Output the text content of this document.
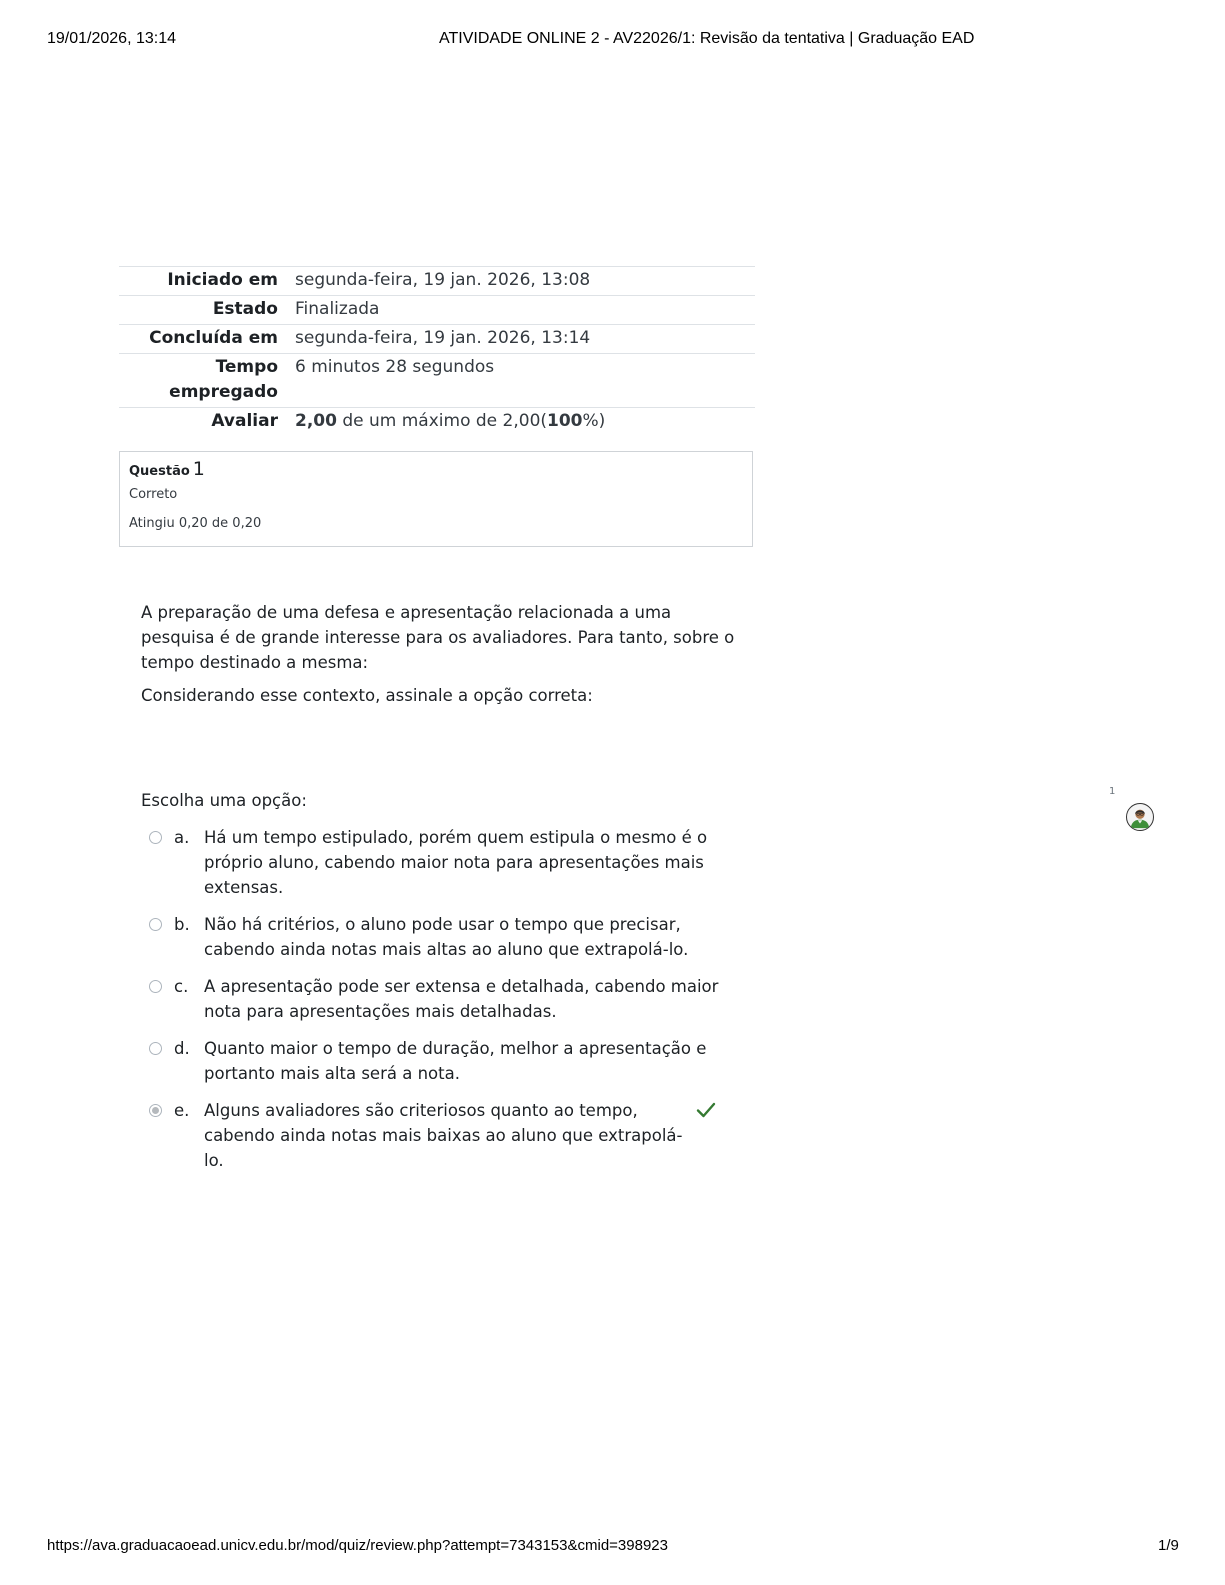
19/01/2026, 13:14	ATIVIDADE ONLINE 2 - AV22026/1: Revisão da tentativa | Graduação EAD
Iniciado em	segunda-feira, 19 jan. 2026, 13:08
Estado	Finalizada
Concluída em	segunda-feira, 19 jan. 2026, 13:14
Tempo
empregado	6 minutos 28 segundos
Avaliar	2,00 de um máximo de 2,00(100%)
Questão 1
Correto
Atingiu 0,20 de 0,20

A preparação de uma defesa e apresentação relacionada a uma pesquisa é de grande interesse para os avaliadores. Para tanto, sobre o tempo destinado a mesma:

Considerando esse contexto, assinale a opção correta:

Escolha uma opção:
a. Há um tempo estipulado, porém quem estipula o mesmo é o próprio aluno, cabendo maior nota para apresentações mais extensas.
b. Não há critérios, o aluno pode usar o tempo que precisar, cabendo ainda notas mais altas ao aluno que extrapolá-lo.
c. A apresentação pode ser extensa e detalhada, cabendo maior nota para apresentações mais detalhadas.
d. Quanto maior o tempo de duração, melhor a apresentação e portanto mais alta será a nota.
e. Alguns avaliadores são criteriosos quanto ao tempo, cabendo ainda notas mais baixas ao aluno que extrapolá-lo.
1
https://ava.graduacaoead.unicv.edu.br/mod/quiz/review.php?attempt=7343153&cmid=398923	1/9
